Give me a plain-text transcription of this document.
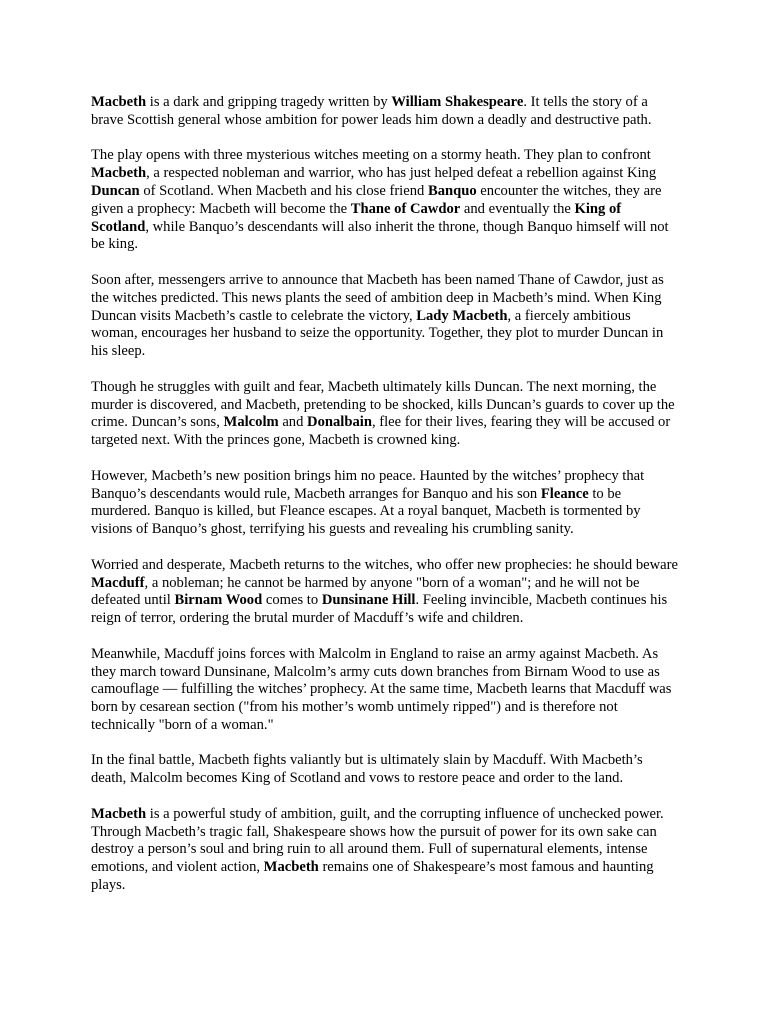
Macbeth is a dark and gripping tragedy written by William Shakespeare. It tells the story of a brave Scottish general whose ambition for power leads him down a deadly and destructive path.

The play opens with three mysterious witches meeting on a stormy heath. They plan to confront Macbeth, a respected nobleman and warrior, who has just helped defeat a rebellion against King Duncan of Scotland. When Macbeth and his close friend Banquo encounter the witches, they are given a prophecy: Macbeth will become the Thane of Cawdor and eventually the King of Scotland, while Banquo’s descendants will also inherit the throne, though Banquo himself will not be king.

Soon after, messengers arrive to announce that Macbeth has been named Thane of Cawdor, just as the witches predicted. This news plants the seed of ambition deep in Macbeth’s mind. When King Duncan visits Macbeth’s castle to celebrate the victory, Lady Macbeth, a fiercely ambitious woman, encourages her husband to seize the opportunity. Together, they plot to murder Duncan in his sleep.

Though he struggles with guilt and fear, Macbeth ultimately kills Duncan. The next morning, the murder is discovered, and Macbeth, pretending to be shocked, kills Duncan’s guards to cover up the crime. Duncan’s sons, Malcolm and Donalbain, flee for their lives, fearing they will be accused or targeted next. With the princes gone, Macbeth is crowned king.

However, Macbeth’s new position brings him no peace. Haunted by the witches’ prophecy that Banquo’s descendants would rule, Macbeth arranges for Banquo and his son Fleance to be murdered. Banquo is killed, but Fleance escapes. At a royal banquet, Macbeth is tormented by visions of Banquo’s ghost, terrifying his guests and revealing his crumbling sanity.

Worried and desperate, Macbeth returns to the witches, who offer new prophecies: he should beware Macduff, a nobleman; he cannot be harmed by anyone "born of a woman"; and he will not be defeated until Birnam Wood comes to Dunsinane Hill. Feeling invincible, Macbeth continues his reign of terror, ordering the brutal murder of Macduff’s wife and children.

Meanwhile, Macduff joins forces with Malcolm in England to raise an army against Macbeth. As they march toward Dunsinane, Malcolm’s army cuts down branches from Birnam Wood to use as camouflage — fulfilling the witches’ prophecy. At the same time, Macbeth learns that Macduff was born by cesarean section ("from his mother’s womb untimely ripped") and is therefore not technically "born of a woman."

In the final battle, Macbeth fights valiantly but is ultimately slain by Macduff. With Macbeth’s death, Malcolm becomes King of Scotland and vows to restore peace and order to the land.

Macbeth is a powerful study of ambition, guilt, and the corrupting influence of unchecked power. Through Macbeth’s tragic fall, Shakespeare shows how the pursuit of power for its own sake can destroy a person’s soul and bring ruin to all around them. Full of supernatural elements, intense emotions, and violent action, Macbeth remains one of Shakespeare’s most famous and haunting plays.
